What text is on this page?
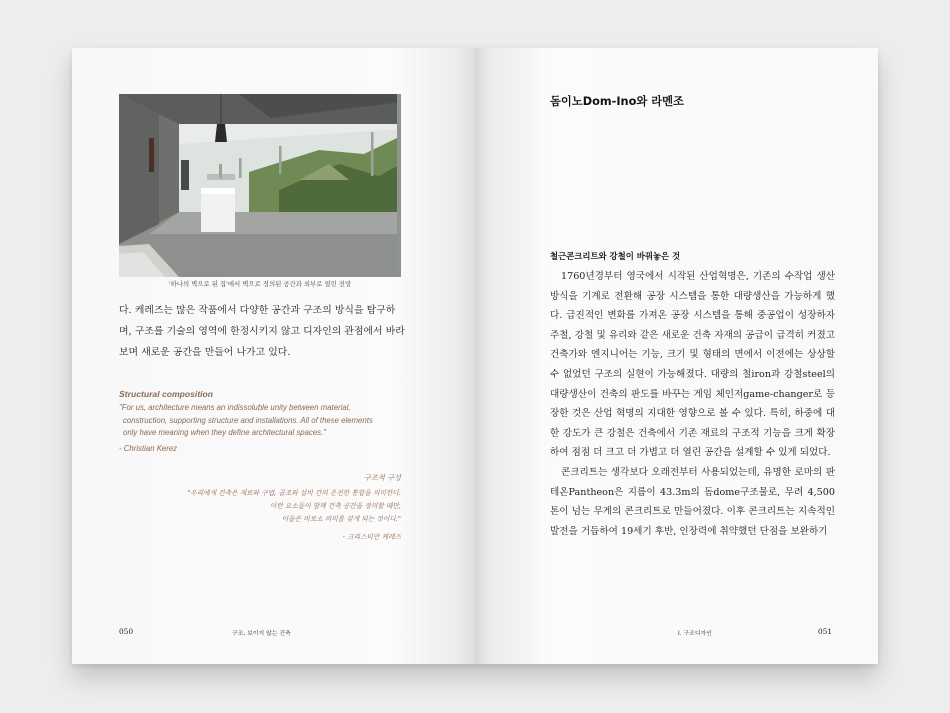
'하나의 벽으로 된 집'에서 벽으로 정의된 공간과 외부로 열린 전망
다. 케레즈는 많은 작품에서 다양한 공간과 구조의 방식을 탐구하
며, 구조를 기술의 영역에 한정시키지 않고 디자인의 관점에서 바라
보며 새로운 공간을 만들어 나가고 있다.
Structural composition
"For us, architecture means an indissoluble unity between material,
construction, supporting structure and installations. All of these elements
only have meaning when they define architectural spaces."
- Christian Kerez
구조적 구성
"우리에게 건축은 재료와 구법, 골조와 설비 간의 온전한 통합을 의미한다.
이런 요소들이 함께 건축 공간을 정의할 때만,
이들은 비로소 의미를 갖게 되는 것이다."
- 크리스티안 케레즈
050	구조, 보이지 않는 건축
돔이노Dom-Ino와 라멘조
철근콘크리트와 강철이 바꿔놓은 것

1760년경부터 영국에서 시작된 산업혁명은, 기존의 수작업 생산 방식을 기계로 전환해 공장 시스템을 통한 대량생산을 가능하게 했다. 급진적인 변화를 가져온 공장 시스템을 통해 중공업이 성장하자 주철, 강철 및 유리와 같은 새로운 건축 자재의 공급이 급격히 커졌고 건축가와 엔지니어는 기능, 크기 및 형태의 면에서 이전에는 상상할 수 없었던 구조의 실현이 가능해졌다. 대량의 철iron과 강철steel의 대량생산이 건축의 판도를 바꾸는 게임 체인저game-changer로 등장한 것은 산업 혁명의 지대한 영향으로 볼 수 있다. 특히, 하중에 대한 강도가 큰 강철은 건축에서 기존 재료의 구조적 기능을 크게 확장하여 점점 더 크고 더 가볍고 더 열린 공간을 설계할 수 있게 되었다.

콘크리트는 생각보다 오래전부터 사용되었는데, 유명한 로마의 판테온Pantheon은 지름이 43.3m의 돔dome구조물로, 무려 4,500톤이 넘는 무게의 콘크리트로 만들어졌다. 이후 콘크리트는 지속적인 발전을 거듭하여 19세기 후반, 인장력에 취약했던 단점을 보완하기

I. 구조디자인	051
